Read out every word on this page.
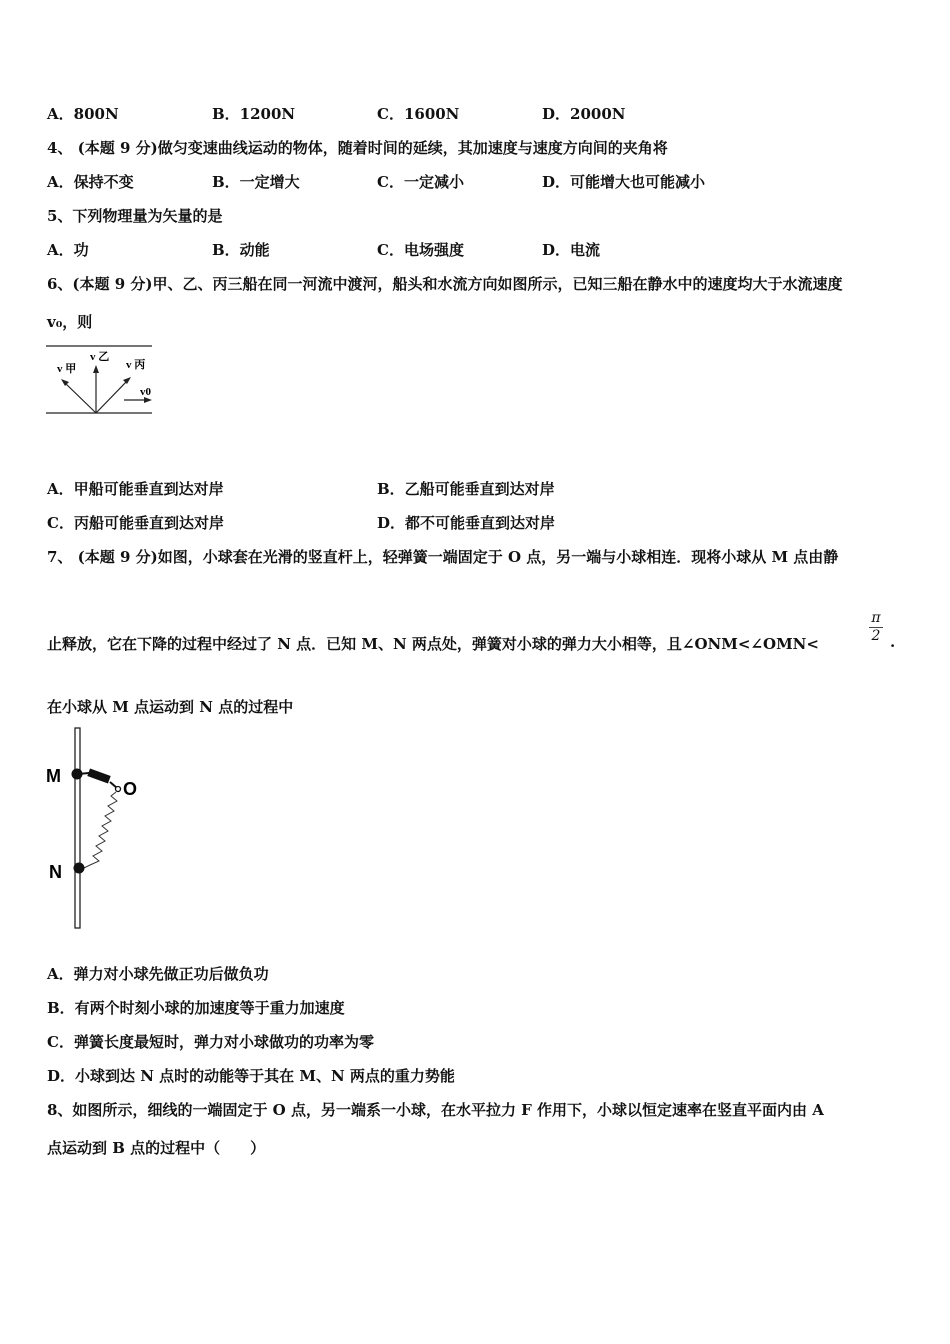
A．800N	B．1200N	C．1600N	D．2000N
4、 (本题 9 分)做匀变速曲线运动的物体，随着时间的延续，其加速度与速度方向间的夹角将
A．保持不变	B．一定增大	C．一定减小	D．可能增大也可能减小
5、下列物理量为矢量的是
A．功	B．动能	C．电场强度	D．电流
6、(本题 9 分)甲、乙、丙三船在同一河流中渡河，船头和水流方向如图所示，已知三船在静水中的速度均大于水流速度
v₀，则
v 甲
v 乙
v 丙
v0
A．甲船可能垂直到达对岸	B．乙船可能垂直到达对岸
C．丙船可能垂直到达对岸	D．都不可能垂直到达对岸
7、 (本题 9 分)如图，小球套在光滑的竖直杆上，轻弹簧一端固定于 O 点，另一端与小球相连．现将小球从 M 点由静
止释放，它在下降的过程中经过了 N 点．已知 M、N 两点处，弹簧对小球的弹力大小相等，且∠ONM<∠OMN<	$\frac{\pi}{2}$ .
在小球从 M 点运动到 N 点的过程中
M
O
N
A．弹力对小球先做正功后做负功
B．有两个时刻小球的加速度等于重力加速度
C．弹簧长度最短时，弹力对小球做功的功率为零
D．小球到达 N 点时的动能等于其在 M、N 两点的重力势能
8、如图所示，细线的一端固定于 O 点，另一端系一小球，在水平拉力 F 作用下，小球以恒定速率在竖直平面内由 A
点运动到 B 点的过程中（　　）
